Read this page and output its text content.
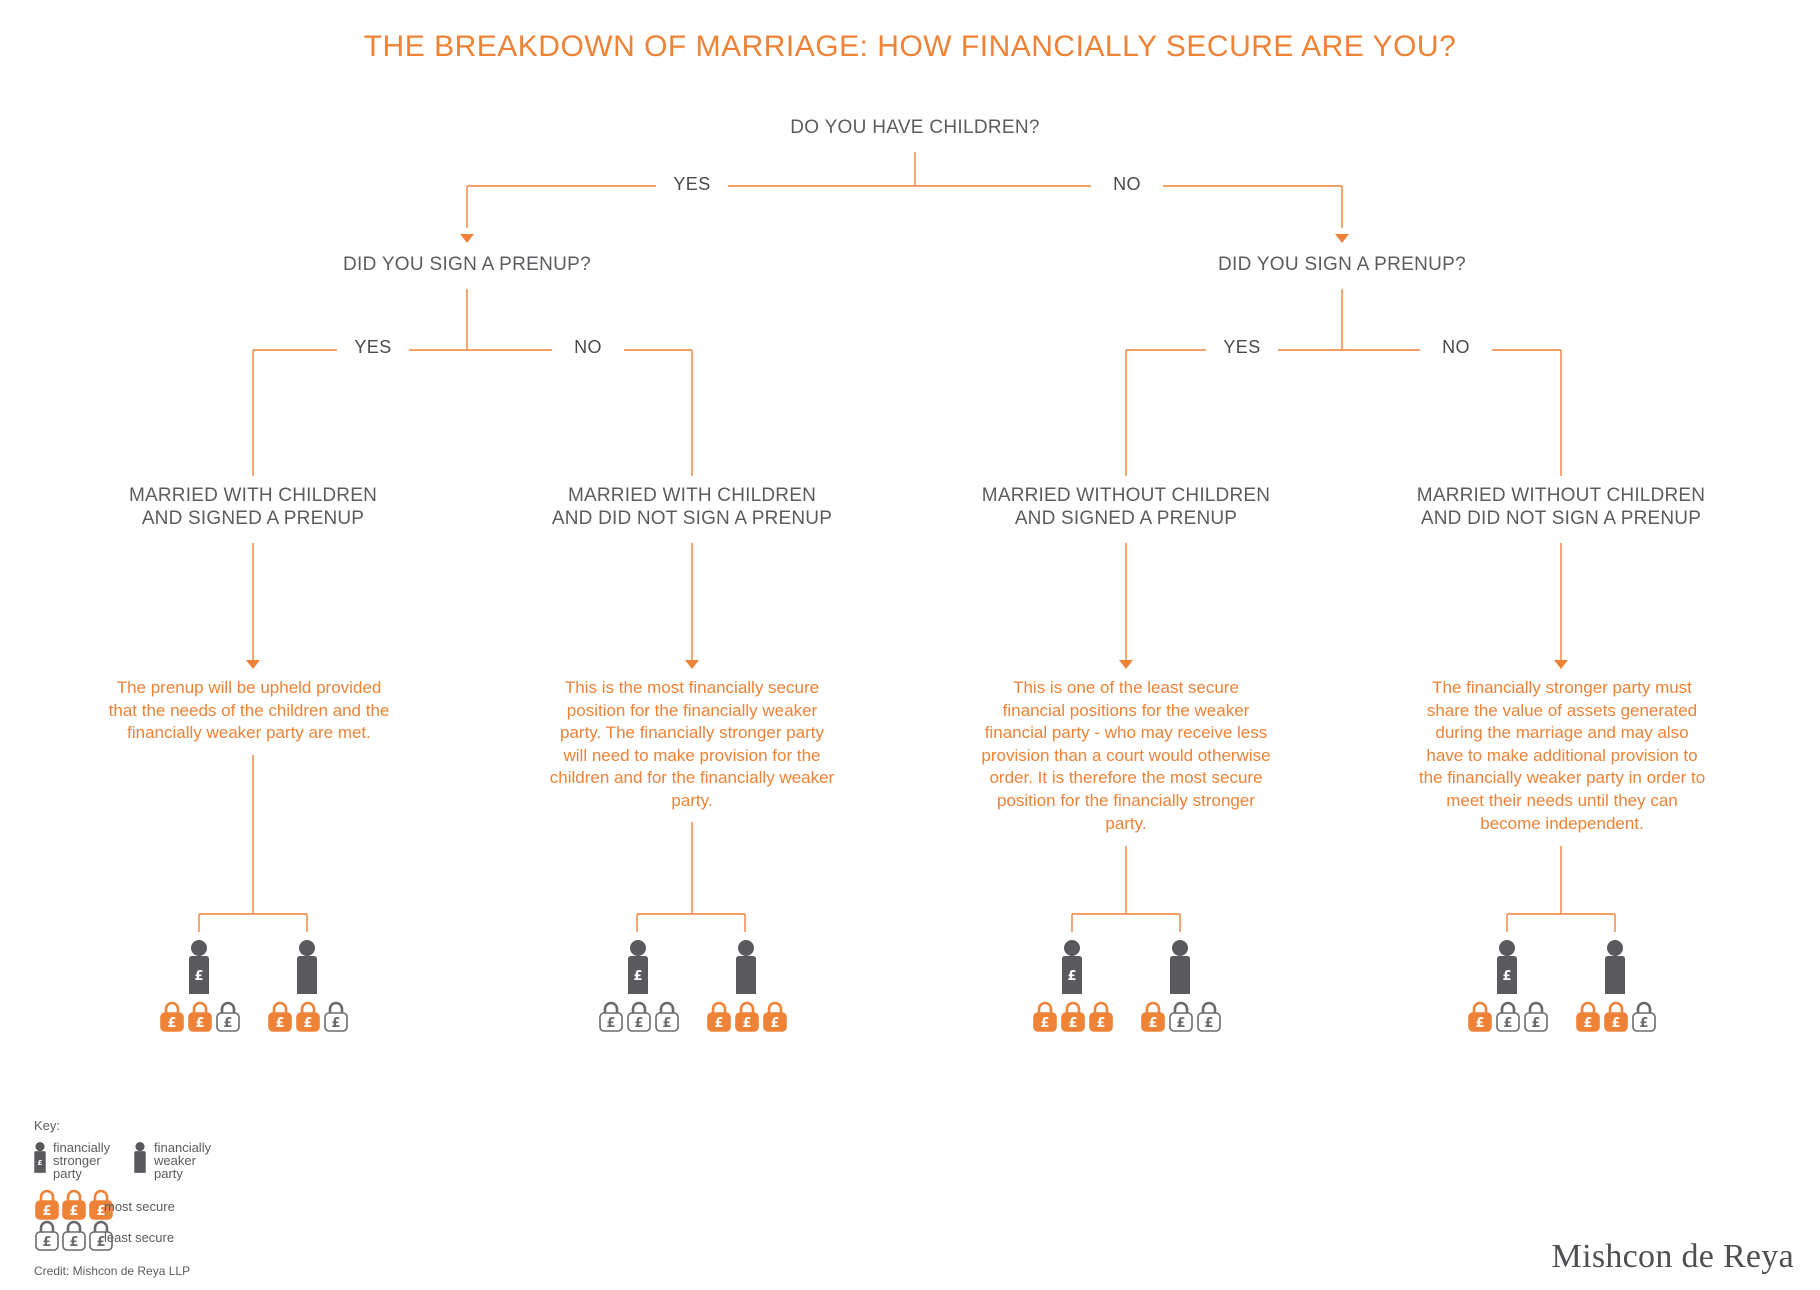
THE BREAKDOWN OF MARRIAGE: HOW FINANCIALLY SECURE ARE YOU?
DO YOU HAVE CHILDREN?
YES	NO
DID YOU SIGN A PRENUP?	DID YOU SIGN A PRENUP?
YES	NO	YES	NO
MARRIED WITH CHILDREN
AND SIGNED A PRENUP
MARRIED WITH CHILDREN
AND DID NOT SIGN A PRENUP
MARRIED WITHOUT CHILDREN
AND SIGNED A PRENUP
MARRIED WITHOUT CHILDREN
AND DID NOT SIGN A PRENUP
The prenup will be upheld provided that the needs of the children and the financially weaker party are met.
This is the most financially secure position for the financially weaker party. The financially stronger party will need to make provision for the children and for the financially weaker party.
This is one of the least secure financial positions for the weaker financial party - who may receive less provision than a court would otherwise order. It is therefore the most secure position for the financially stronger party.
The financially stronger party must share the value of assets generated during the marriage and may also have to make additional provision to the financially weaker party in order to meet their needs until they can become independent.
£
£ £ £	£ £ £
£
£ £ £	£ £ £
£
£ £ £	£ £ £
£
£ £ £	£ £ £
Key:
£
financially stronger party
financially weaker party
£ £ £
most secure
£ £ £
least secure
Credit: Mishcon de Reya LLP	Mishcon de Reya
